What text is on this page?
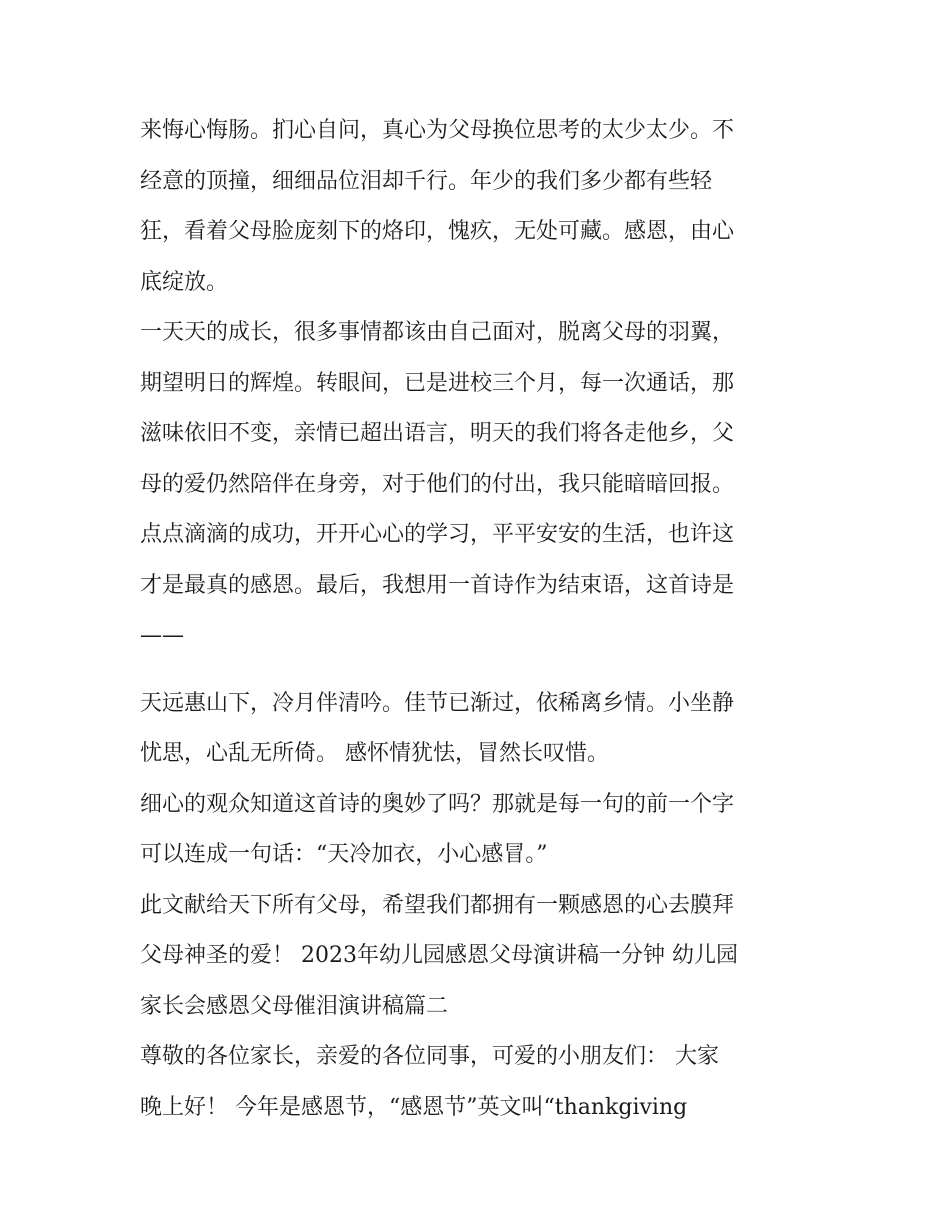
来悔心悔肠。扪心自问，真心为父母换位思考的太少太少。不
经意的顶撞，细细品位泪却千行。年少的我们多少都有些轻
狂，看着父母脸庞刻下的烙印，愧疚，无处可藏。感恩，由心
底绽放。
一天天的成长，很多事情都该由自己面对，脱离父母的羽翼，
期望明日的辉煌。转眼间，已是进校三个月，每一次通话，那
滋味依旧不变，亲情已超出语言，明天的我们将各走他乡，父
母的爱仍然陪伴在身旁，对于他们的付出，我只能暗暗回报。
点点滴滴的成功，开开心心的学习，平平安安的生活，也许这
才是最真的感恩。最后，我想用一首诗作为结束语，这首诗是
——
天远惠山下，冷月伴清吟。佳节已渐过，依稀离乡情。小坐静
忧思，心乱无所倚。 感怀情犹怯，冒然长叹惜。
细心的观众知道这首诗的奥妙了吗？那就是每一句的前一个字
可以连成一句话：“天冷加衣，小心感冒。”
此文献给天下所有父母，希望我们都拥有一颗感恩的心去膜拜
父母神圣的爱！ 2023年幼儿园感恩父母演讲稿一分钟 幼儿园
家长会感恩父母催泪演讲稿篇二
尊敬的各位家长，亲爱的各位同事，可爱的小朋友们： 大家
晚上好！ 今年是感恩节，“感恩节”英文叫“thankgiving
